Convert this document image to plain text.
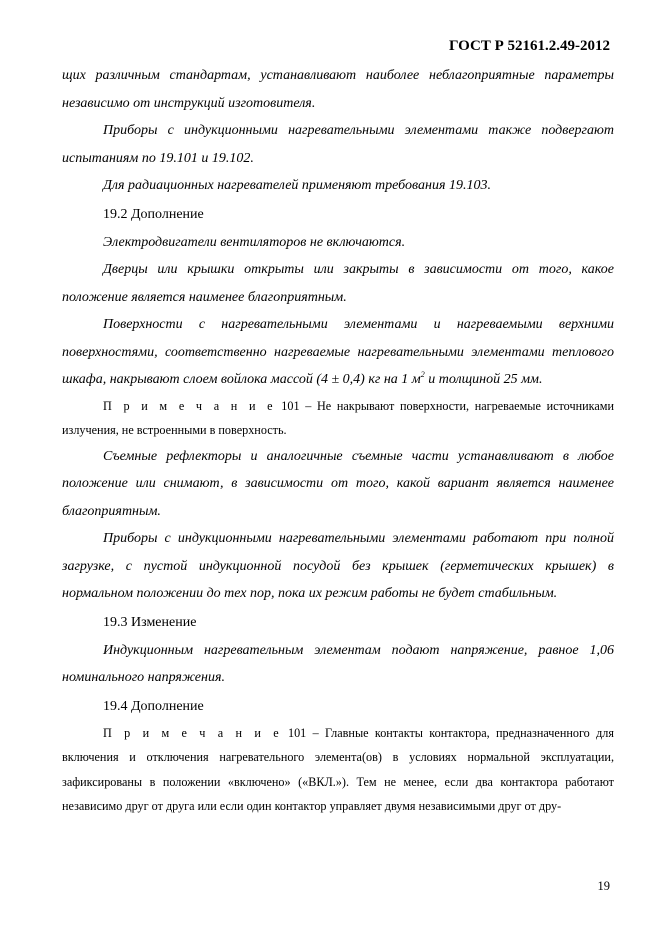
ГОСТ Р 52161.2.49-2012

щих различным стандартам, устанавливают наиболее неблагоприятные параметры независимо от инструкций изготовителя.

Приборы с индукционными нагревательными элементами также подвергают испытаниям по 19.101 и 19.102.

Для радиационных нагревателей применяют требования 19.103.

19.2 Дополнение

Электродвигатели вентиляторов не включаются.

Дверцы или крышки открыты или закрыты в зависимости от того, какое положение является наименее благоприятным.

Поверхности с нагревательными элементами и нагреваемыми верхними поверхностями, соответственно нагреваемые нагревательными элементами теплового шкафа, накрывают слоем войлока массой (4 ± 0,4) кг на 1 $м^2$ и толщиной 25 мм.

П р и м е ч а н и е 101 – Не накрывают поверхности, нагреваемые источниками излучения, не встроенными в поверхность.

Съемные рефлекторы и аналогичные съемные части устанавливают в любое положение или снимают, в зависимости от того, какой вариант является наименее благоприятным.

Приборы с индукционными нагревательными элементами работают при полной загрузке, с пустой индукционной посудой без крышек (герметических крышек) в нормальном положении до тех пор, пока их режим работы не будет стабильным.

19.3 Изменение

Индукционным нагревательным элементам подают напряжение, равное 1,06 номинального напряжения.

19.4 Дополнение

П р и м е ч а н и е 101 – Главные контакты контактора, предназначенного для включения и отключения нагревательного элемента(ов) в условиях нормальной эксплуатации, зафиксированы в положении «включено» («ВКЛ.»). Тем не менее, если два контактора работают независимо друг от друга или если один контактор управляет двумя независимыми друг от дру-

19
